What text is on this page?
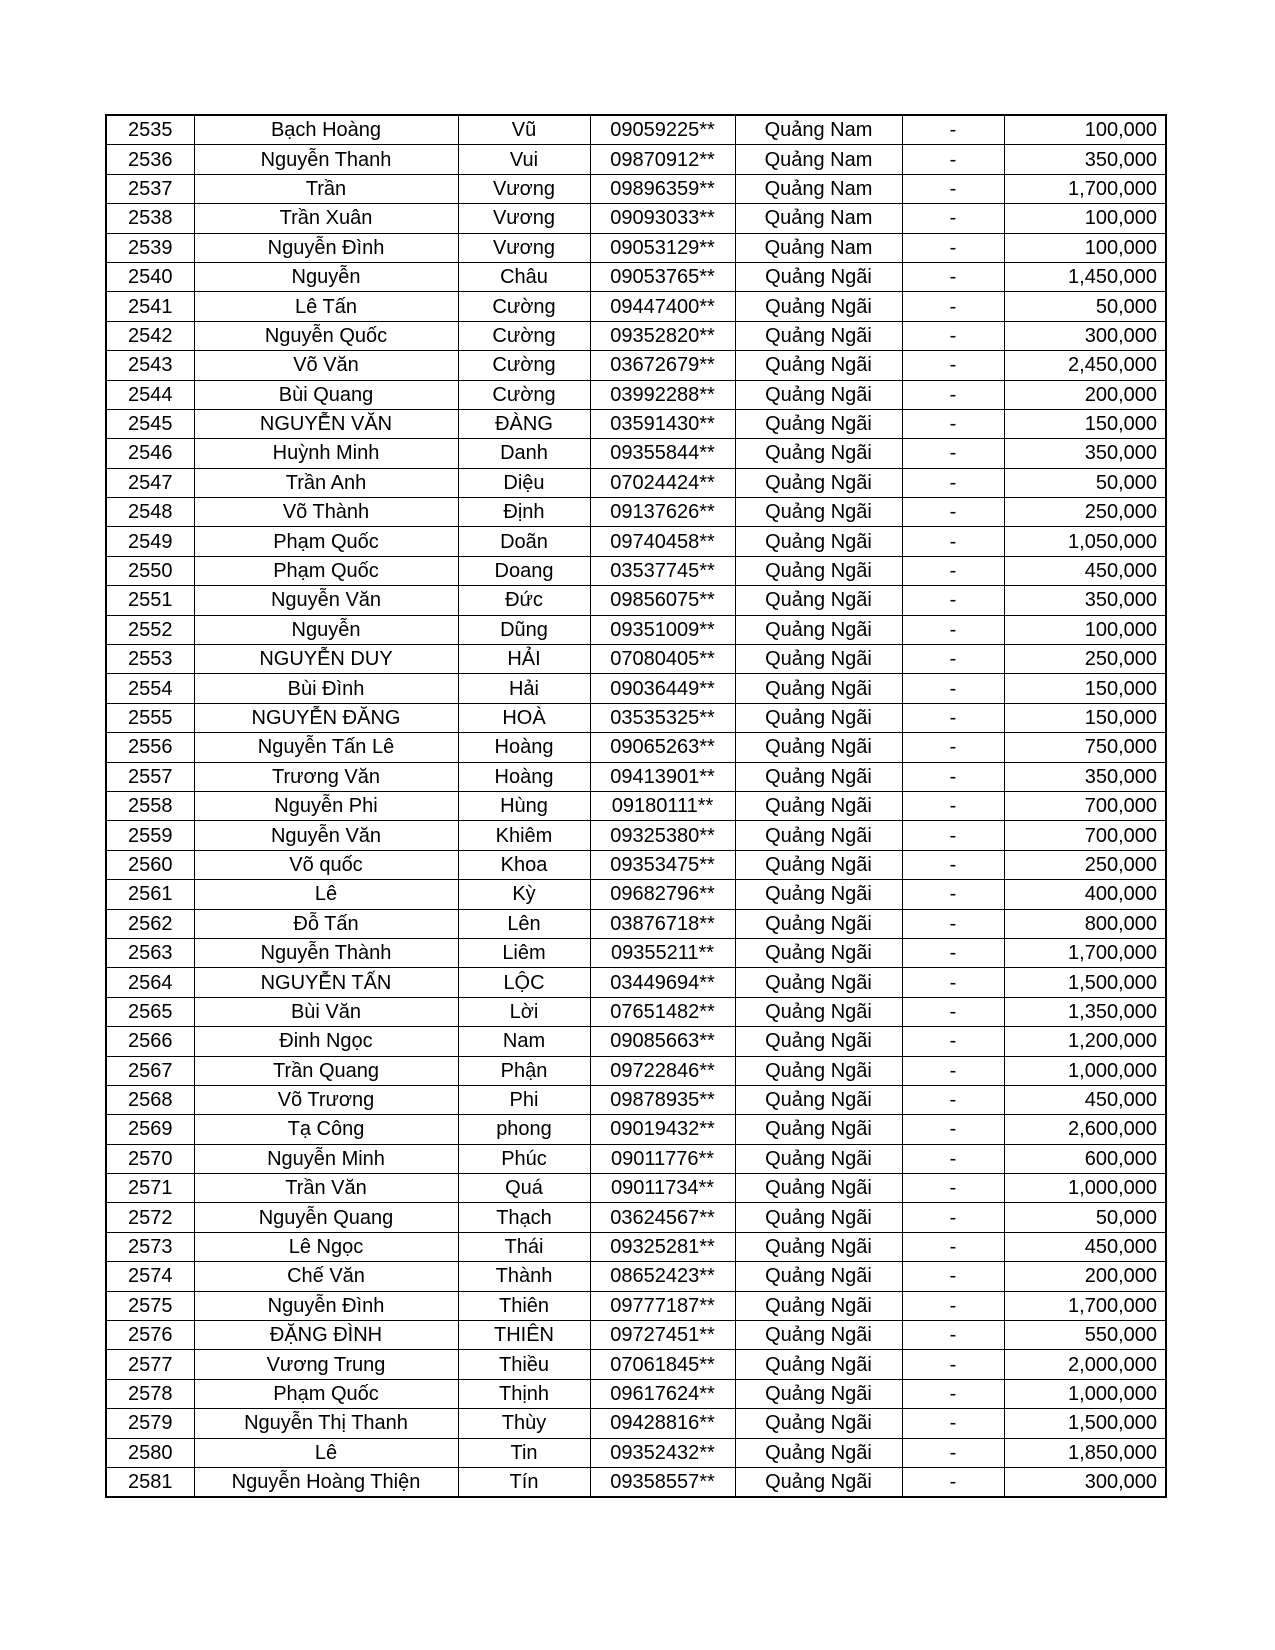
2535	Bạch Hoàng	Vũ	09059225**	Quảng Nam	-	100,000
2536	Nguyễn Thanh	Vui	09870912**	Quảng Nam	-	350,000
2537	Trần	Vương	09896359**	Quảng Nam	-	1,700,000
2538	Trần Xuân	Vương	09093033**	Quảng Nam	-	100,000
2539	Nguyễn Đình	Vương	09053129**	Quảng Nam	-	100,000
2540	Nguyễn	Châu	09053765**	Quảng Ngãi	-	1,450,000
2541	Lê Tấn	Cường	09447400**	Quảng Ngãi	-	50,000
2542	Nguyễn Quốc	Cường	09352820**	Quảng Ngãi	-	300,000
2543	Võ Văn	Cường	03672679**	Quảng Ngãi	-	2,450,000
2544	Bùi Quang	Cường	03992288**	Quảng Ngãi	-	200,000
2545	NGUYỄN VĂN	ĐÀNG	03591430**	Quảng Ngãi	-	150,000
2546	Huỳnh Minh	Danh	09355844**	Quảng Ngãi	-	350,000
2547	Trần Anh	Diệu	07024424**	Quảng Ngãi	-	50,000
2548	Võ Thành	Định	09137626**	Quảng Ngãi	-	250,000
2549	Phạm Quốc	Doãn	09740458**	Quảng Ngãi	-	1,050,000
2550	Phạm Quốc	Doang	03537745**	Quảng Ngãi	-	450,000
2551	Nguyễn Văn	Đức	09856075**	Quảng Ngãi	-	350,000
2552	Nguyễn	Dũng	09351009**	Quảng Ngãi	-	100,000
2553	NGUYỄN DUY	HẢI	07080405**	Quảng Ngãi	-	250,000
2554	Bùi Đình	Hải	09036449**	Quảng Ngãi	-	150,000
2555	NGUYỄN ĐĂNG	HOÀ	03535325**	Quảng Ngãi	-	150,000
2556	Nguyễn Tấn Lê	Hoàng	09065263**	Quảng Ngãi	-	750,000
2557	Trương Văn	Hoàng	09413901**	Quảng Ngãi	-	350,000
2558	Nguyễn Phi	Hùng	09180111**	Quảng Ngãi	-	700,000
2559	Nguyễn Văn	Khiêm	09325380**	Quảng Ngãi	-	700,000
2560	Võ quốc	Khoa	09353475**	Quảng Ngãi	-	250,000
2561	Lê	Kỳ	09682796**	Quảng Ngãi	-	400,000
2562	Đỗ Tấn	Lên	03876718**	Quảng Ngãi	-	800,000
2563	Nguyễn Thành	Liêm	09355211**	Quảng Ngãi	-	1,700,000
2564	NGUYỄN TẤN	LỘC	03449694**	Quảng Ngãi	-	1,500,000
2565	Bùi Văn	Lời	07651482**	Quảng Ngãi	-	1,350,000
2566	Đinh Ngọc	Nam	09085663**	Quảng Ngãi	-	1,200,000
2567	Trần Quang	Phận	09722846**	Quảng Ngãi	-	1,000,000
2568	Võ Trương	Phi	09878935**	Quảng Ngãi	-	450,000
2569	Tạ Công	phong	09019432**	Quảng Ngãi	-	2,600,000
2570	Nguyễn Minh	Phúc	09011776**	Quảng Ngãi	-	600,000
2571	Trần Văn	Quá	09011734**	Quảng Ngãi	-	1,000,000
2572	Nguyễn Quang	Thạch	03624567**	Quảng Ngãi	-	50,000
2573	Lê Ngọc	Thái	09325281**	Quảng Ngãi	-	450,000
2574	Chế Văn	Thành	08652423**	Quảng Ngãi	-	200,000
2575	Nguyễn Đình	Thiên	09777187**	Quảng Ngãi	-	1,700,000
2576	ĐẶNG ĐÌNH	THIÊN	09727451**	Quảng Ngãi	-	550,000
2577	Vương Trung	Thiều	07061845**	Quảng Ngãi	-	2,000,000
2578	Phạm Quốc	Thịnh	09617624**	Quảng Ngãi	-	1,000,000
2579	Nguyễn Thị Thanh	Thùy	09428816**	Quảng Ngãi	-	1,500,000
2580	Lê	Tin	09352432**	Quảng Ngãi	-	1,850,000
2581	Nguyễn Hoàng Thiện	Tín	09358557**	Quảng Ngãi	-	300,000
